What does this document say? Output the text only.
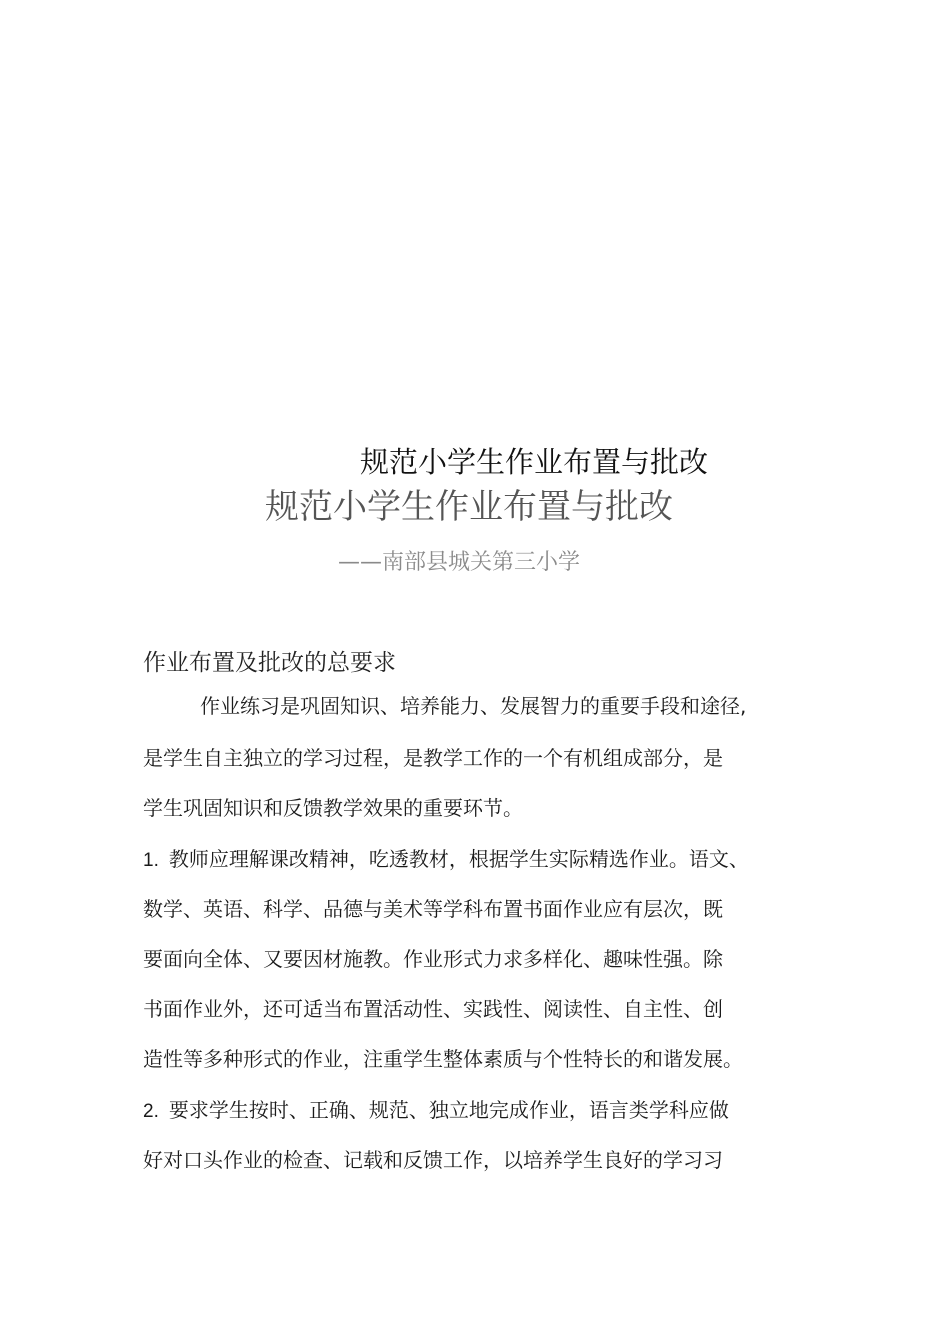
规范小学生作业布置与批改
规范小学生作业布置与批改
——南部县城关第三小学
作业布置及批改的总要求
作业练习是巩固知识、培养能力、发展智力的重要手段和途径,
是学生自主独立的学习过程，是教学工作的一个有机组成部分，是
学生巩固知识和反馈教学效果的重要环节。
1. 教师应理解课改精神，吃透教材，根据学生实际精选作业。语文、
数学、英语、科学、品德与美术等学科布置书面作业应有层次，既
要面向全体、又要因材施教。作业形式力求多样化、趣味性强。除
书面作业外，还可适当布置活动性、实践性、阅读性、自主性、创
造性等多种形式的作业，注重学生整体素质与个性特长的和谐发展。
2. 要求学生按时、正确、规范、独立地完成作业，语言类学科应做
好对口头作业的检查、记载和反馈工作，以培养学生良好的学习习
